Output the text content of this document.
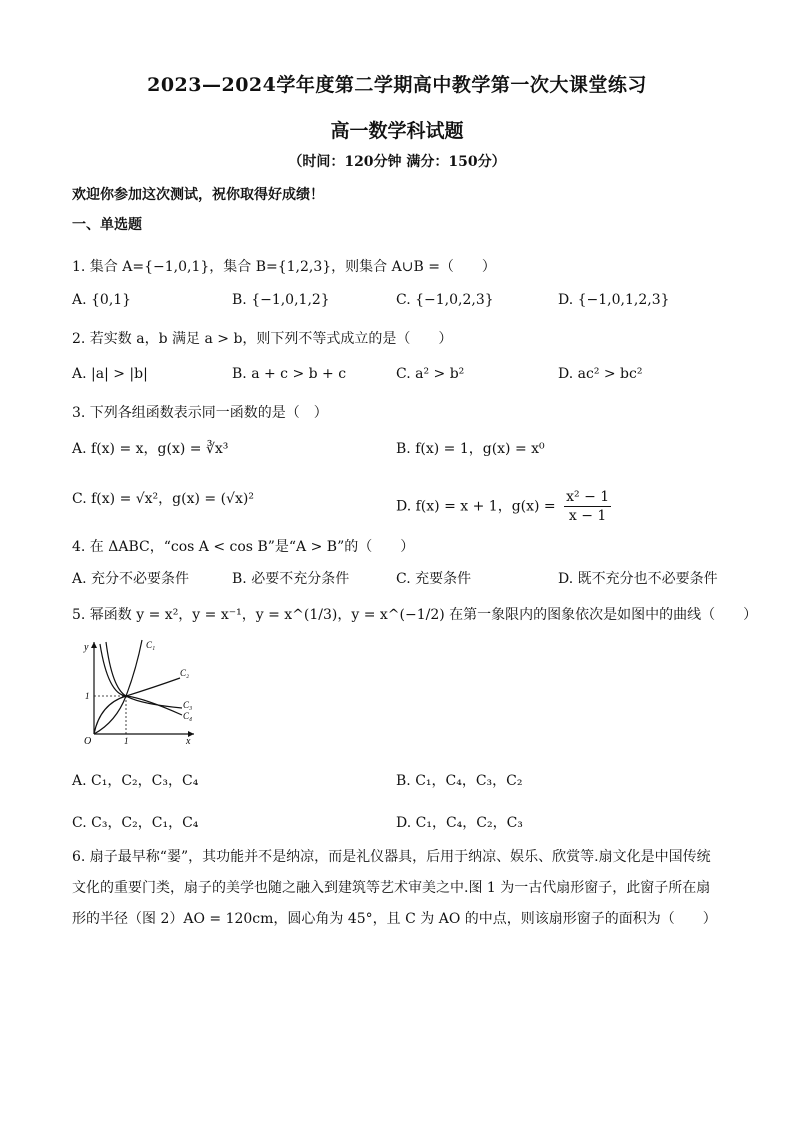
2023—2024学年度第二学期高中教学第一次大课堂练习
高一数学科试题
（时间：120分钟 满分：150分）
欢迎你参加这次测试，祝你取得好成绩！
一、单选题
1. 集合 A={−1,0,1}，集合 B={1,2,3}，则集合 A∪B =（　　）
A. {0,1}	B. {−1,0,1,2}	C. {−1,0,2,3}	D. {−1,0,1,2,3}
2. 若实数 a，b 满足 a > b，则下列不等式成立的是（　　）
A. |a| > |b|	B. a + c > b + c	C. a² > b²	D. ac² > bc²
3. 下列各组函数表示同一函数的是（　）
A. f(x) = x，g(x) = ∛x³	B. f(x) = 1，g(x) = x⁰
C. f(x) = √x²，g(x) = (√x)²	D. f(x) = x + 1，$g(x) = \frac{\text{x² − 1}}{x - 1}$
4. 在 ΔABC，“cos A < cos B”是“A > B”的（　　）
A. 充分不必要条件	B. 必要不充分条件	C. 充要条件	D. 既不充分也不必要条件
5. 幂函数 y = x²，y = x⁻¹，y = x^(1/3)，y = x^(−1/2) 在第一象限内的图象依次是如图中的曲线（　　）
y
x
O	1
1
C₁
C₂
C₃
C₄
A. C₁，C₂，C₃，C₄	B. C₁，C₄，C₃，C₂
C. C₃，C₂，C₁，C₄	D. C₁，C₄，C₂，C₃
6. 扇子最早称“翣”，其功能并不是纳凉，而是礼仪器具，后用于纳凉、娱乐、欣赏等.扇文化是中国传统文化的重要门类，扇子的美学也随之融入到建筑等艺术审美之中.图 1 为一古代扇形窗子，此窗子所在扇形的半径（图 2）AO = 120cm，圆心角为 45°，且 C 为 AO 的中点，则该扇形窗子的面积为（　　）
